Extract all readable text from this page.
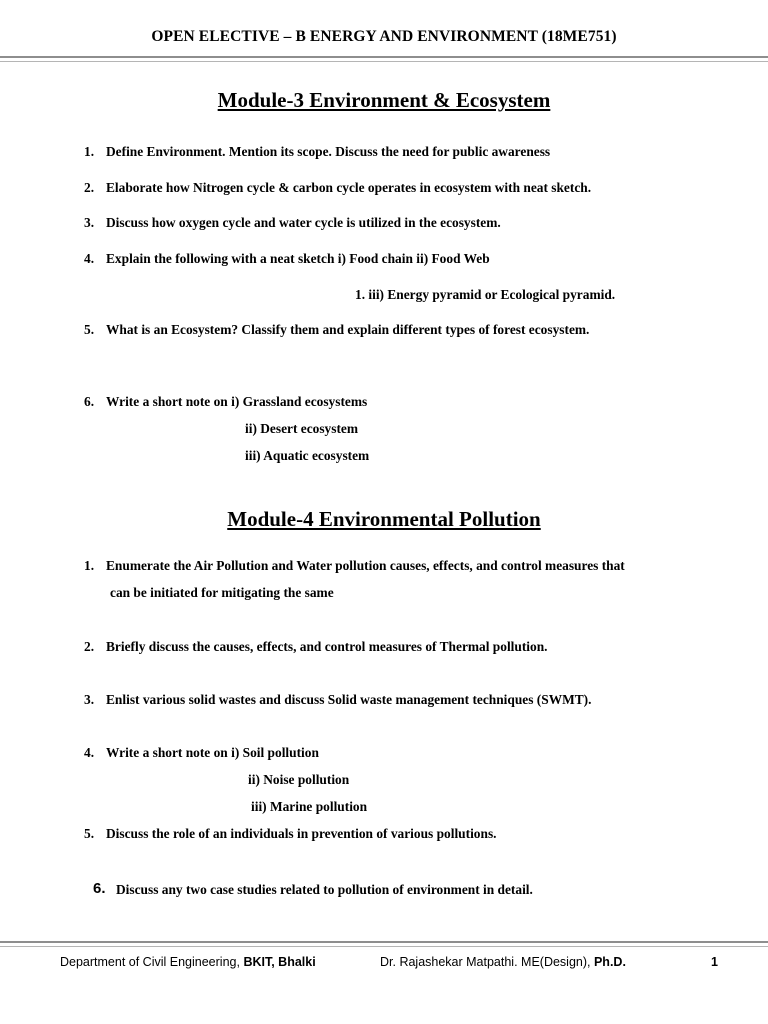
OPEN ELECTIVE – B ENERGY AND ENVIRONMENT (18ME751)
Module-3 Environment & Ecosystem
1. Define Environment. Mention its scope. Discuss the need for public awareness
2. Elaborate how Nitrogen cycle & carbon cycle operates in ecosystem with neat sketch.
3. Discuss how oxygen cycle and water cycle is utilized in the ecosystem.
4. Explain the following with a neat sketch i) Food chain ii) Food Web
1. iii) Energy pyramid or Ecological pyramid.
5. What is an Ecosystem? Classify them and explain different types of forest ecosystem.
6. Write a short note on i) Grassland ecosystems
ii) Desert ecosystem
iii) Aquatic ecosystem
Module-4 Environmental Pollution
1. Enumerate the Air Pollution and Water pollution causes, effects, and control measures that
can be initiated for mitigating the same
2. Briefly discuss the causes, effects, and control measures of Thermal pollution.
3. Enlist various solid wastes and discuss Solid waste management techniques (SWMT).
4. Write a short note on i) Soil pollution
ii) Noise pollution
iii) Marine pollution
5. Discuss the role of an individuals in prevention of various pollutions.
6. Discuss any two case studies related to pollution of environment in detail.
Department of Civil Engineering, BKIT, Bhalki	Dr. Rajashekar Matpathi. ME(Design), Ph.D.	1
